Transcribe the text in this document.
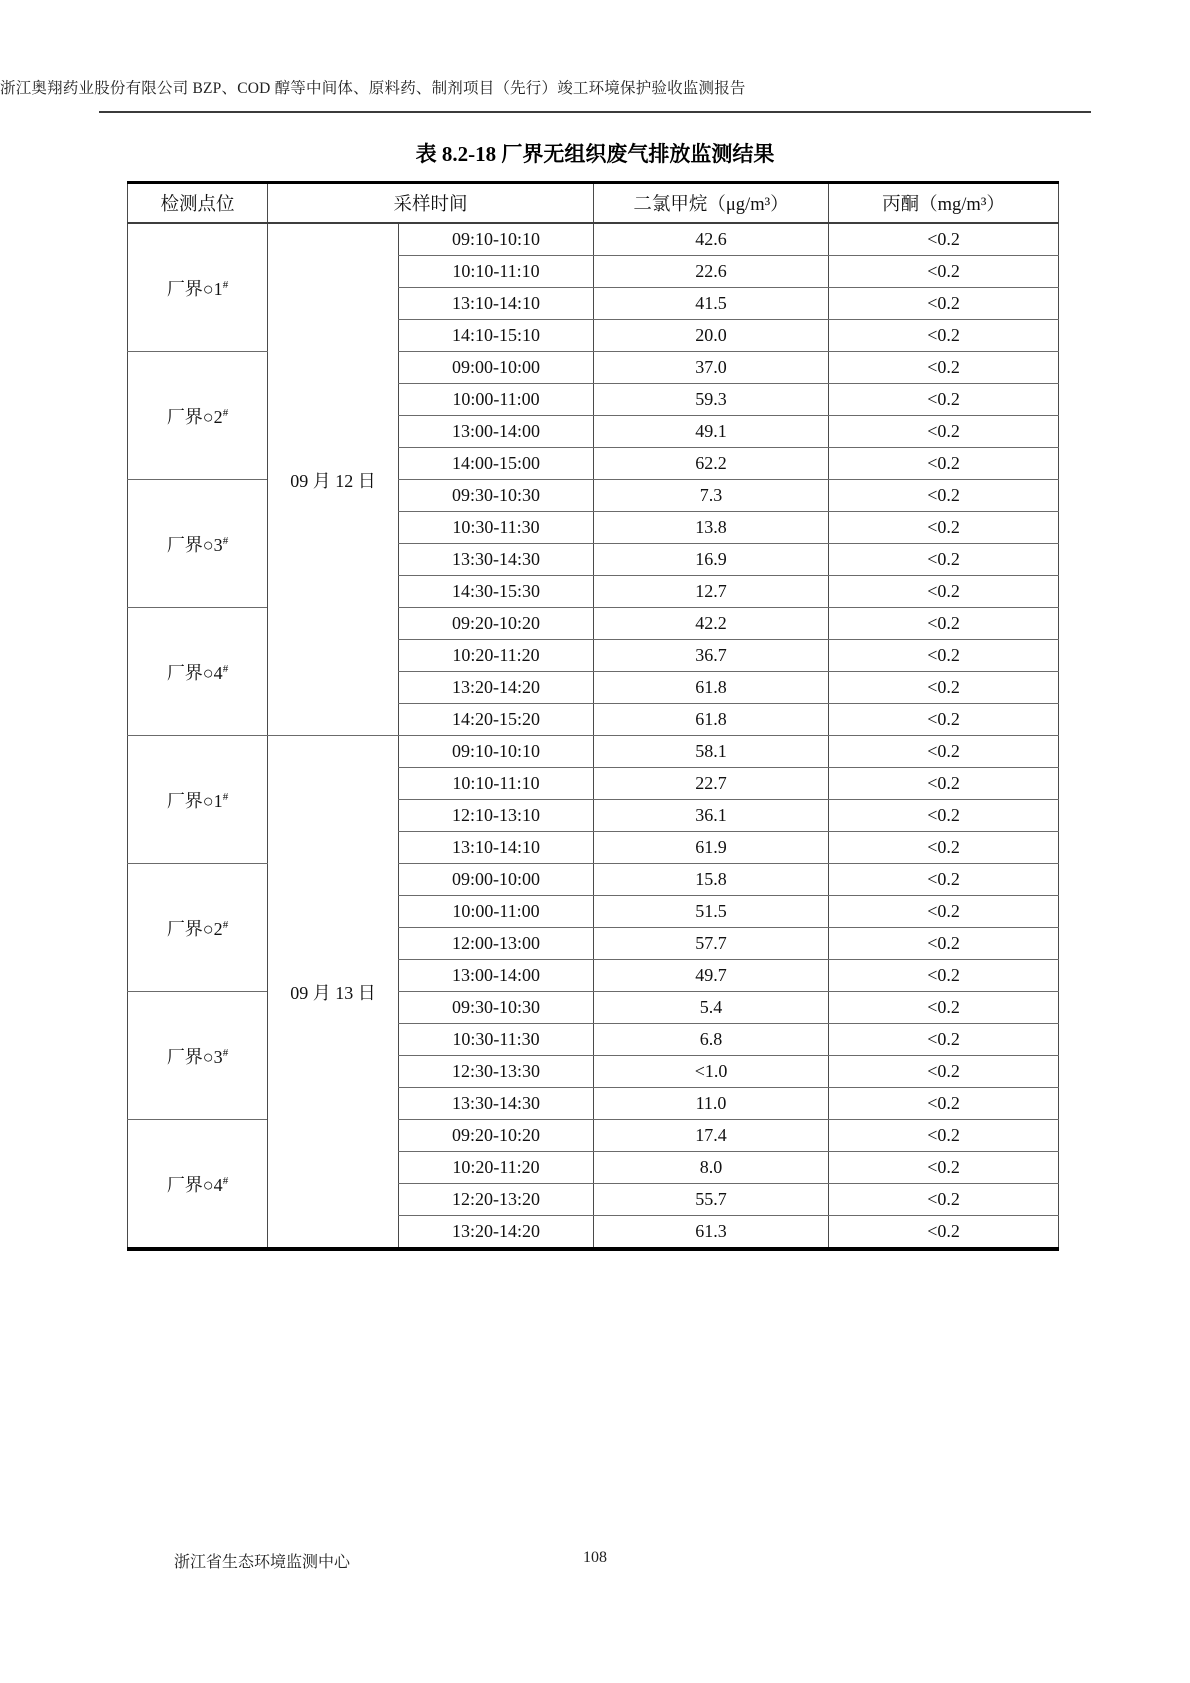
浙江奥翔药业股份有限公司 BZP、COD 醇等中间体、原料药、制剂项目（先行）竣工环境保护验收监测报告
表 8.2-18 厂界无组织废气排放监测结果
检测点位	采样时间		二氯甲烷（μg/m³）	丙酮（mg/m³）
厂界○1#	09 月 12 日	09:10-10:10	42.6	<0.2
		10:10-11:10	22.6	<0.2
		13:10-14:10	41.5	<0.2
		14:10-15:10	20.0	<0.2
厂界○2#		09:00-10:00	37.0	<0.2
		10:00-11:00	59.3	<0.2
		13:00-14:00	49.1	<0.2
		14:00-15:00	62.2	<0.2
厂界○3#		09:30-10:30	7.3	<0.2
		10:30-11:30	13.8	<0.2
		13:30-14:30	16.9	<0.2
		14:30-15:30	12.7	<0.2
厂界○4#		09:20-10:20	42.2	<0.2
		10:20-11:20	36.7	<0.2
		13:20-14:20	61.8	<0.2
		14:20-15:20	61.8	<0.2
厂界○1#	09 月 13 日	09:10-10:10	58.1	<0.2
		10:10-11:10	22.7	<0.2
		12:10-13:10	36.1	<0.2
		13:10-14:10	61.9	<0.2
厂界○2#		09:00-10:00	15.8	<0.2
		10:00-11:00	51.5	<0.2
		12:00-13:00	57.7	<0.2
		13:00-14:00	49.7	<0.2
厂界○3#		09:30-10:30	5.4	<0.2
		10:30-11:30	6.8	<0.2
		12:30-13:30	<1.0	<0.2
		13:30-14:30	11.0	<0.2
厂界○4#		09:20-10:20	17.4	<0.2
		10:20-11:20	8.0	<0.2
		12:20-13:20	55.7	<0.2
		13:20-14:20	61.3	<0.2
浙江省生态环境监测中心	108
